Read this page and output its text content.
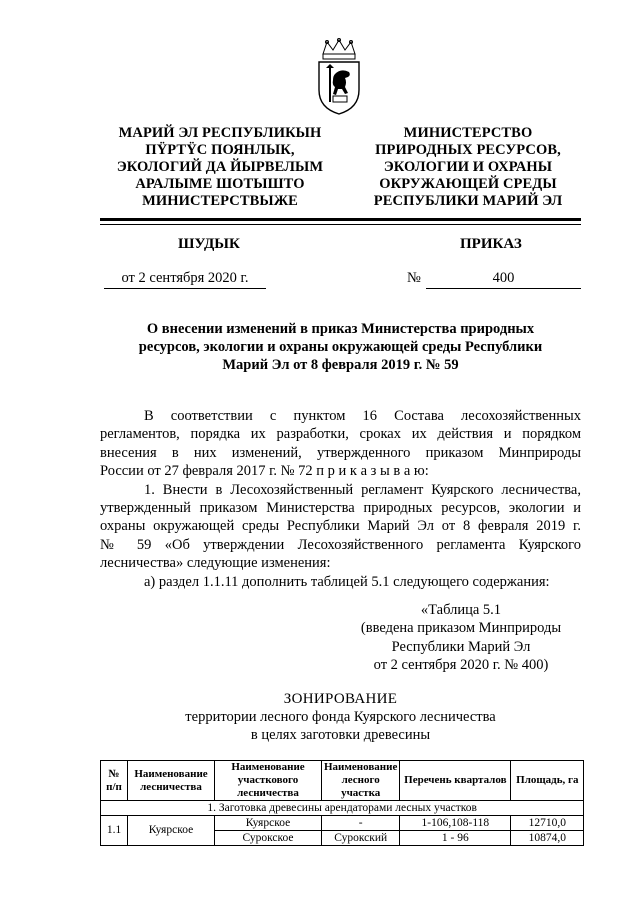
МАРИЙ ЭЛ РЕСПУБЛИКЫН
ПŸРТŸС ПОЯНЛЫК,
ЭКОЛОГИЙ ДА ЙЫРВЕЛЫМ
АРАЛЫМЕ ШОТЫШТО
МИНИСТЕРСТВЫЖЕ
МИНИСТЕРСТВО
ПРИРОДНЫХ РЕСУРСОВ,
ЭКОЛОГИИ И ОХРАНЫ
ОКРУЖАЮЩЕЙ СРЕДЫ
РЕСПУБЛИКИ МАРИЙ ЭЛ
ШУДЫК	ПРИКАЗ
от 2 сентября 2020 г.	№	400
О внесении изменений в приказ Министерства природных
ресурсов, экологии и охраны окружающей среды Республики
Марий Эл от 8 февраля 2019 г. № 59
В соответствии с пунктом 16 Состава лесохозяйственных
регламентов, порядка их разработки, сроках их действия и порядком
внесения в них изменений, утвержденного приказом Минприроды
России от 27 февраля 2017 г. № 72 п р и к а з ы в а ю:
1. Внести в Лесохозяйственный регламент Куярского лесничества,
утвержденный приказом Министерства природных ресурсов, экологии и
охраны окружающей среды Республики Марий Эл от 8 февраля 2019 г.
№ 59 «Об утверждении Лесохозяйственного регламента Куярского
лесничества» следующие изменения:
а) раздел 1.1.11 дополнить таблицей 5.1 следующего содержания:
«Таблица 5.1
(введена приказом Минприроды
Республики Марий Эл
от 2 сентября 2020 г. № 400)
ЗОНИРОВАНИЕ
территории лесного фонда Куярского лесничества
в целях заготовки древесины
№ п/п	Наименование лесничества	Наименование участкового лесничества	Наименование лесного участка	Перечень кварталов	Площадь, га
1. Заготовка древесины арендаторами лесных участков					
1.1	Куярское	Куярское	-	1-106,108-118	12710,0
		Сурокское	Сурокский	1 - 96	10874,0
